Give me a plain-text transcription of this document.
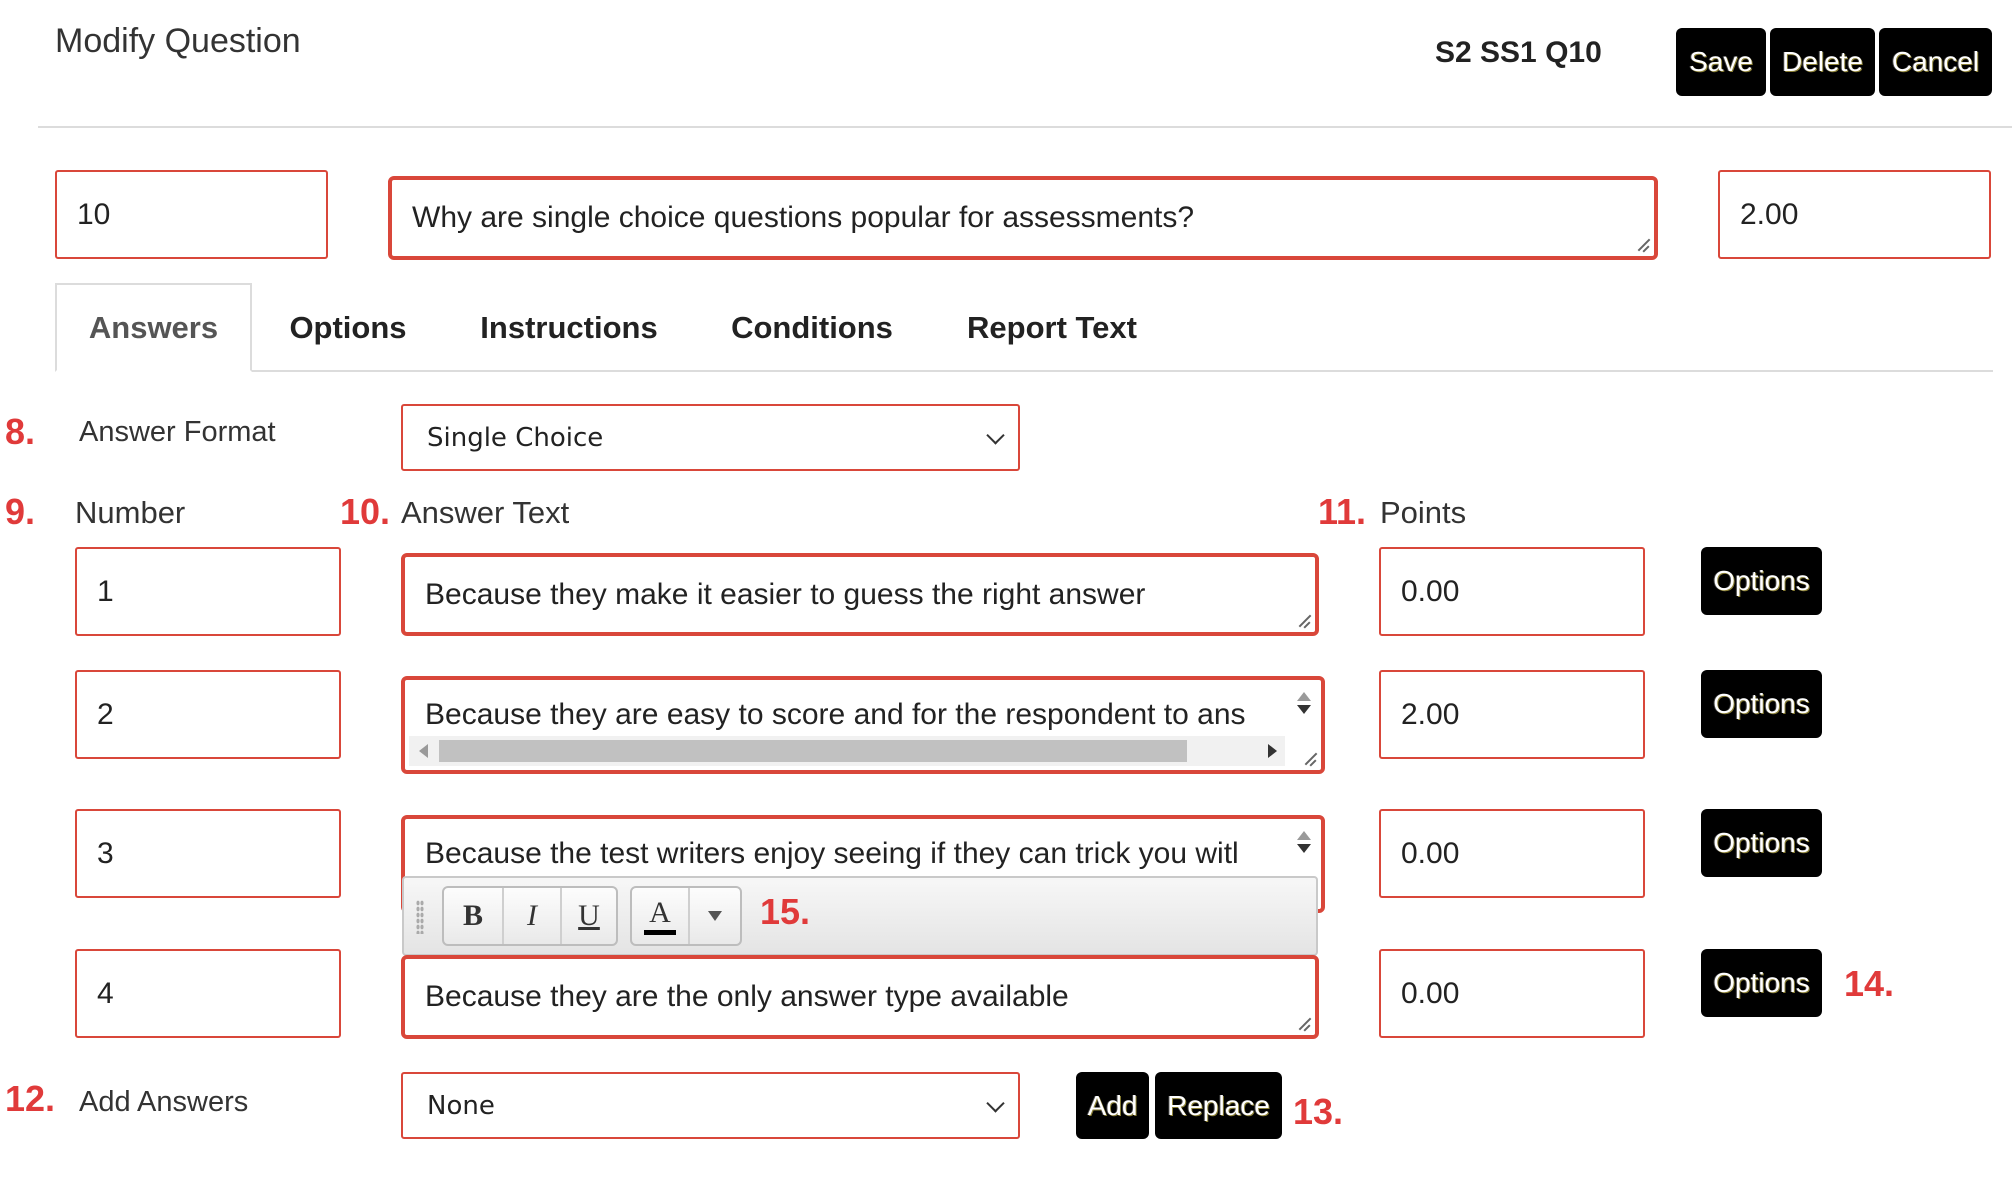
Modify Question	S2 SS1 Q10	Save	Delete	Cancel
10	Why are single choice questions popular for assessments?	2.00
Answers	Options	Instructions	Conditions	Report Text
8. Answer Format	Single Choice
9. Number	10. Answer Text	11. Points
1	Because they make it easier to guess the right answer	0.00	Options
2	Because they are easy to score and for the respondent to ans	2.00	Options
3	Because the test writers enjoy seeing if they can trick you witl	0.00	Options
B	I	U	A 15.
4	Because they are the only answer type available	0.00	Options 14.
12. Add Answers	None	Add	Replace 13.
